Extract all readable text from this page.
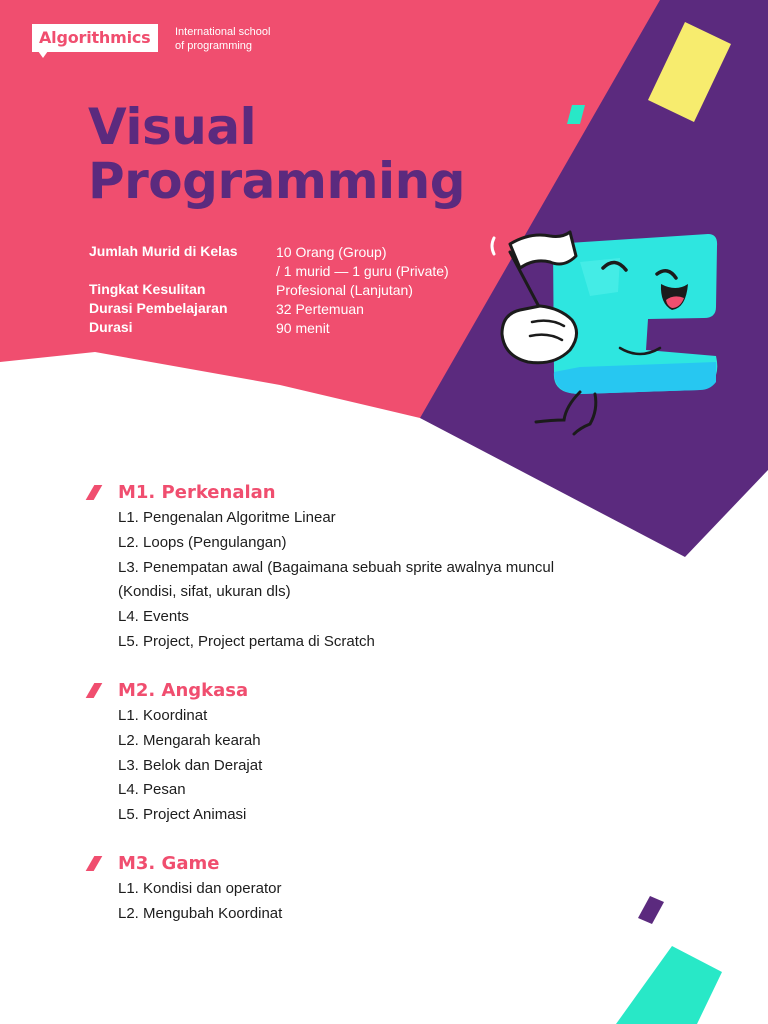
Algorithmics	International school
of programming
Visual
Programming
Jumlah Murid di Kelas	10 Orang (Group)
/ 1 murid — 1 guru (Private)
Tingkat Kesulitan	Profesional (Lanjutan)
Durasi Pembelajaran	32 Pertemuan
Durasi	90 menit
M1. Perkenalan
L1. Pengenalan Algoritme Linear
L2. Loops (Pengulangan)
L3. Penempatan awal (Bagaimana sebuah sprite awalnya muncul (Kondisi, sifat, ukuran dls)
L4. Events
L5. Project, Project pertama di Scratch
M2. Angkasa
L1. Koordinat
L2. Mengarah kearah
L3. Belok dan Derajat
L4. Pesan
L5. Project Animasi
M3. Game
L1. Kondisi dan operator
L2. Mengubah Koordinat
